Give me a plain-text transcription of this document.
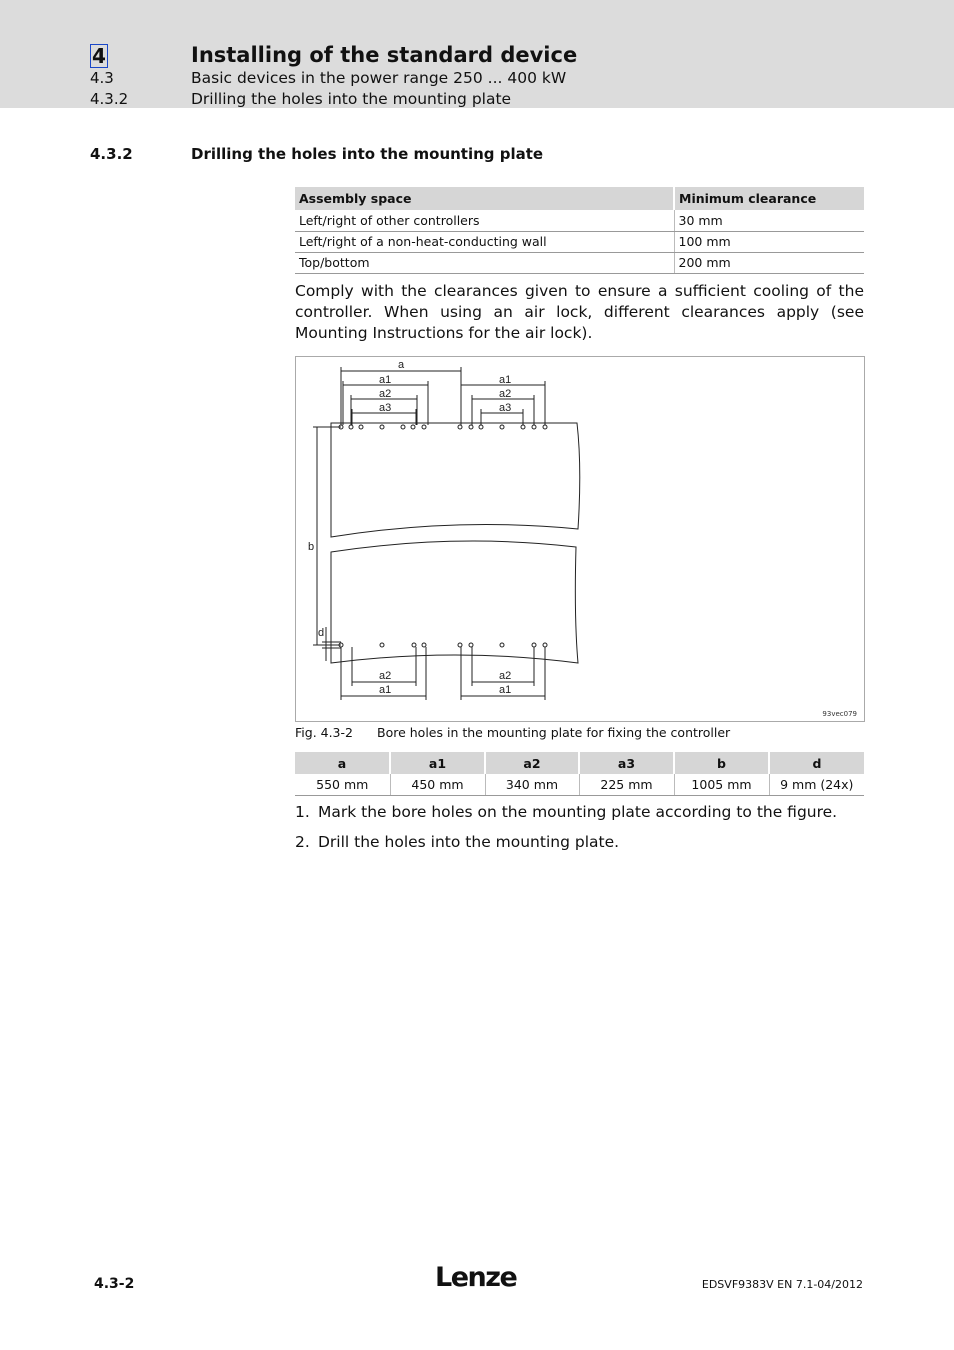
4	Installing of the standard device
4.3	Basic devices in the power range 250 ... 400 kW
4.3.2	Drilling the holes into the mounting plate
4.3.2	Drilling the holes into the mounting plate
Assembly space	Minimum clearance
Left/right of other controllers	30 mm
Left/right of a non-heat-conducting wall	100 mm
Top/bottom	200 mm
Comply with the clearances given to ensure a sufficient cooling of the controller. When using an air lock, different clearances apply (see Mounting Instructions for the air lock).
a
a1
a2
a3
a1
a2
a3
b
d
a2
a1
a2
a1
93vec079
Fig. 4.3-2 Bore holes in the mounting plate for fixing the controller
a	a1	a2	a3	b	d
550 mm	450 mm	340 mm	225 mm	1005 mm	9 mm (24x)
1. Mark the bore holes on the mounting plate according to the figure.
2. Drill the holes into the mounting plate.
4.3-2	Lenze	EDSVF9383V EN 7.1-04/2012
